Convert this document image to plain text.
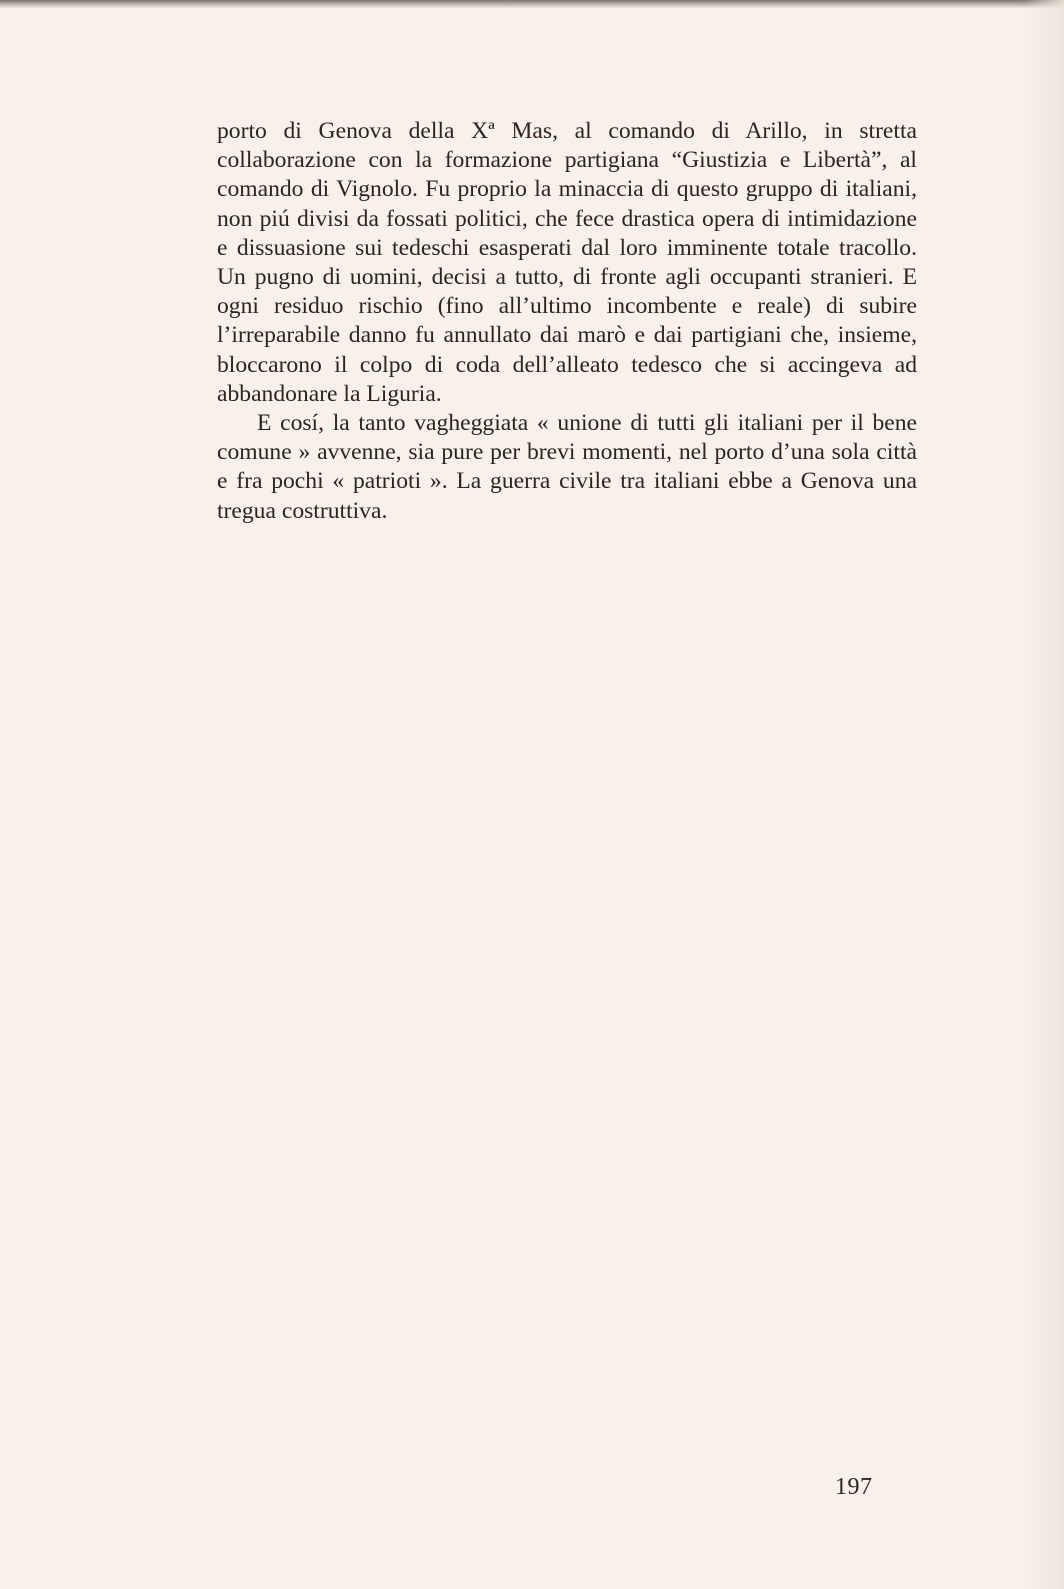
porto di Genova della Xª Mas, al comando di Arillo, in stretta collaborazione con la formazione partigiana “Giustizia e Libertà”, al comando di Vignolo. Fu proprio la minaccia di questo gruppo di italiani, non piú divisi da fossati politici, che fece drastica opera di intimidazione e dissuasione sui tedeschi esasperati dal loro imminente totale tracollo. Un pugno di uomini, decisi a tutto, di fronte agli occupanti stranieri. E ogni residuo rischio (fino all’ultimo incombente e reale) di subire l’irreparabile danno fu annullato dai marò e dai partigiani che, insieme, bloccarono il colpo di coda dell’alleato tedesco che si accingeva ad abbandonare la Liguria.

E cosí, la tanto vagheggiata « unione di tutti gli italiani per il bene comune » avvenne, sia pure per brevi momenti, nel porto d’una sola città e fra pochi « patrioti ». La guerra civile tra italiani ebbe a Genova una tregua costruttiva.

197
